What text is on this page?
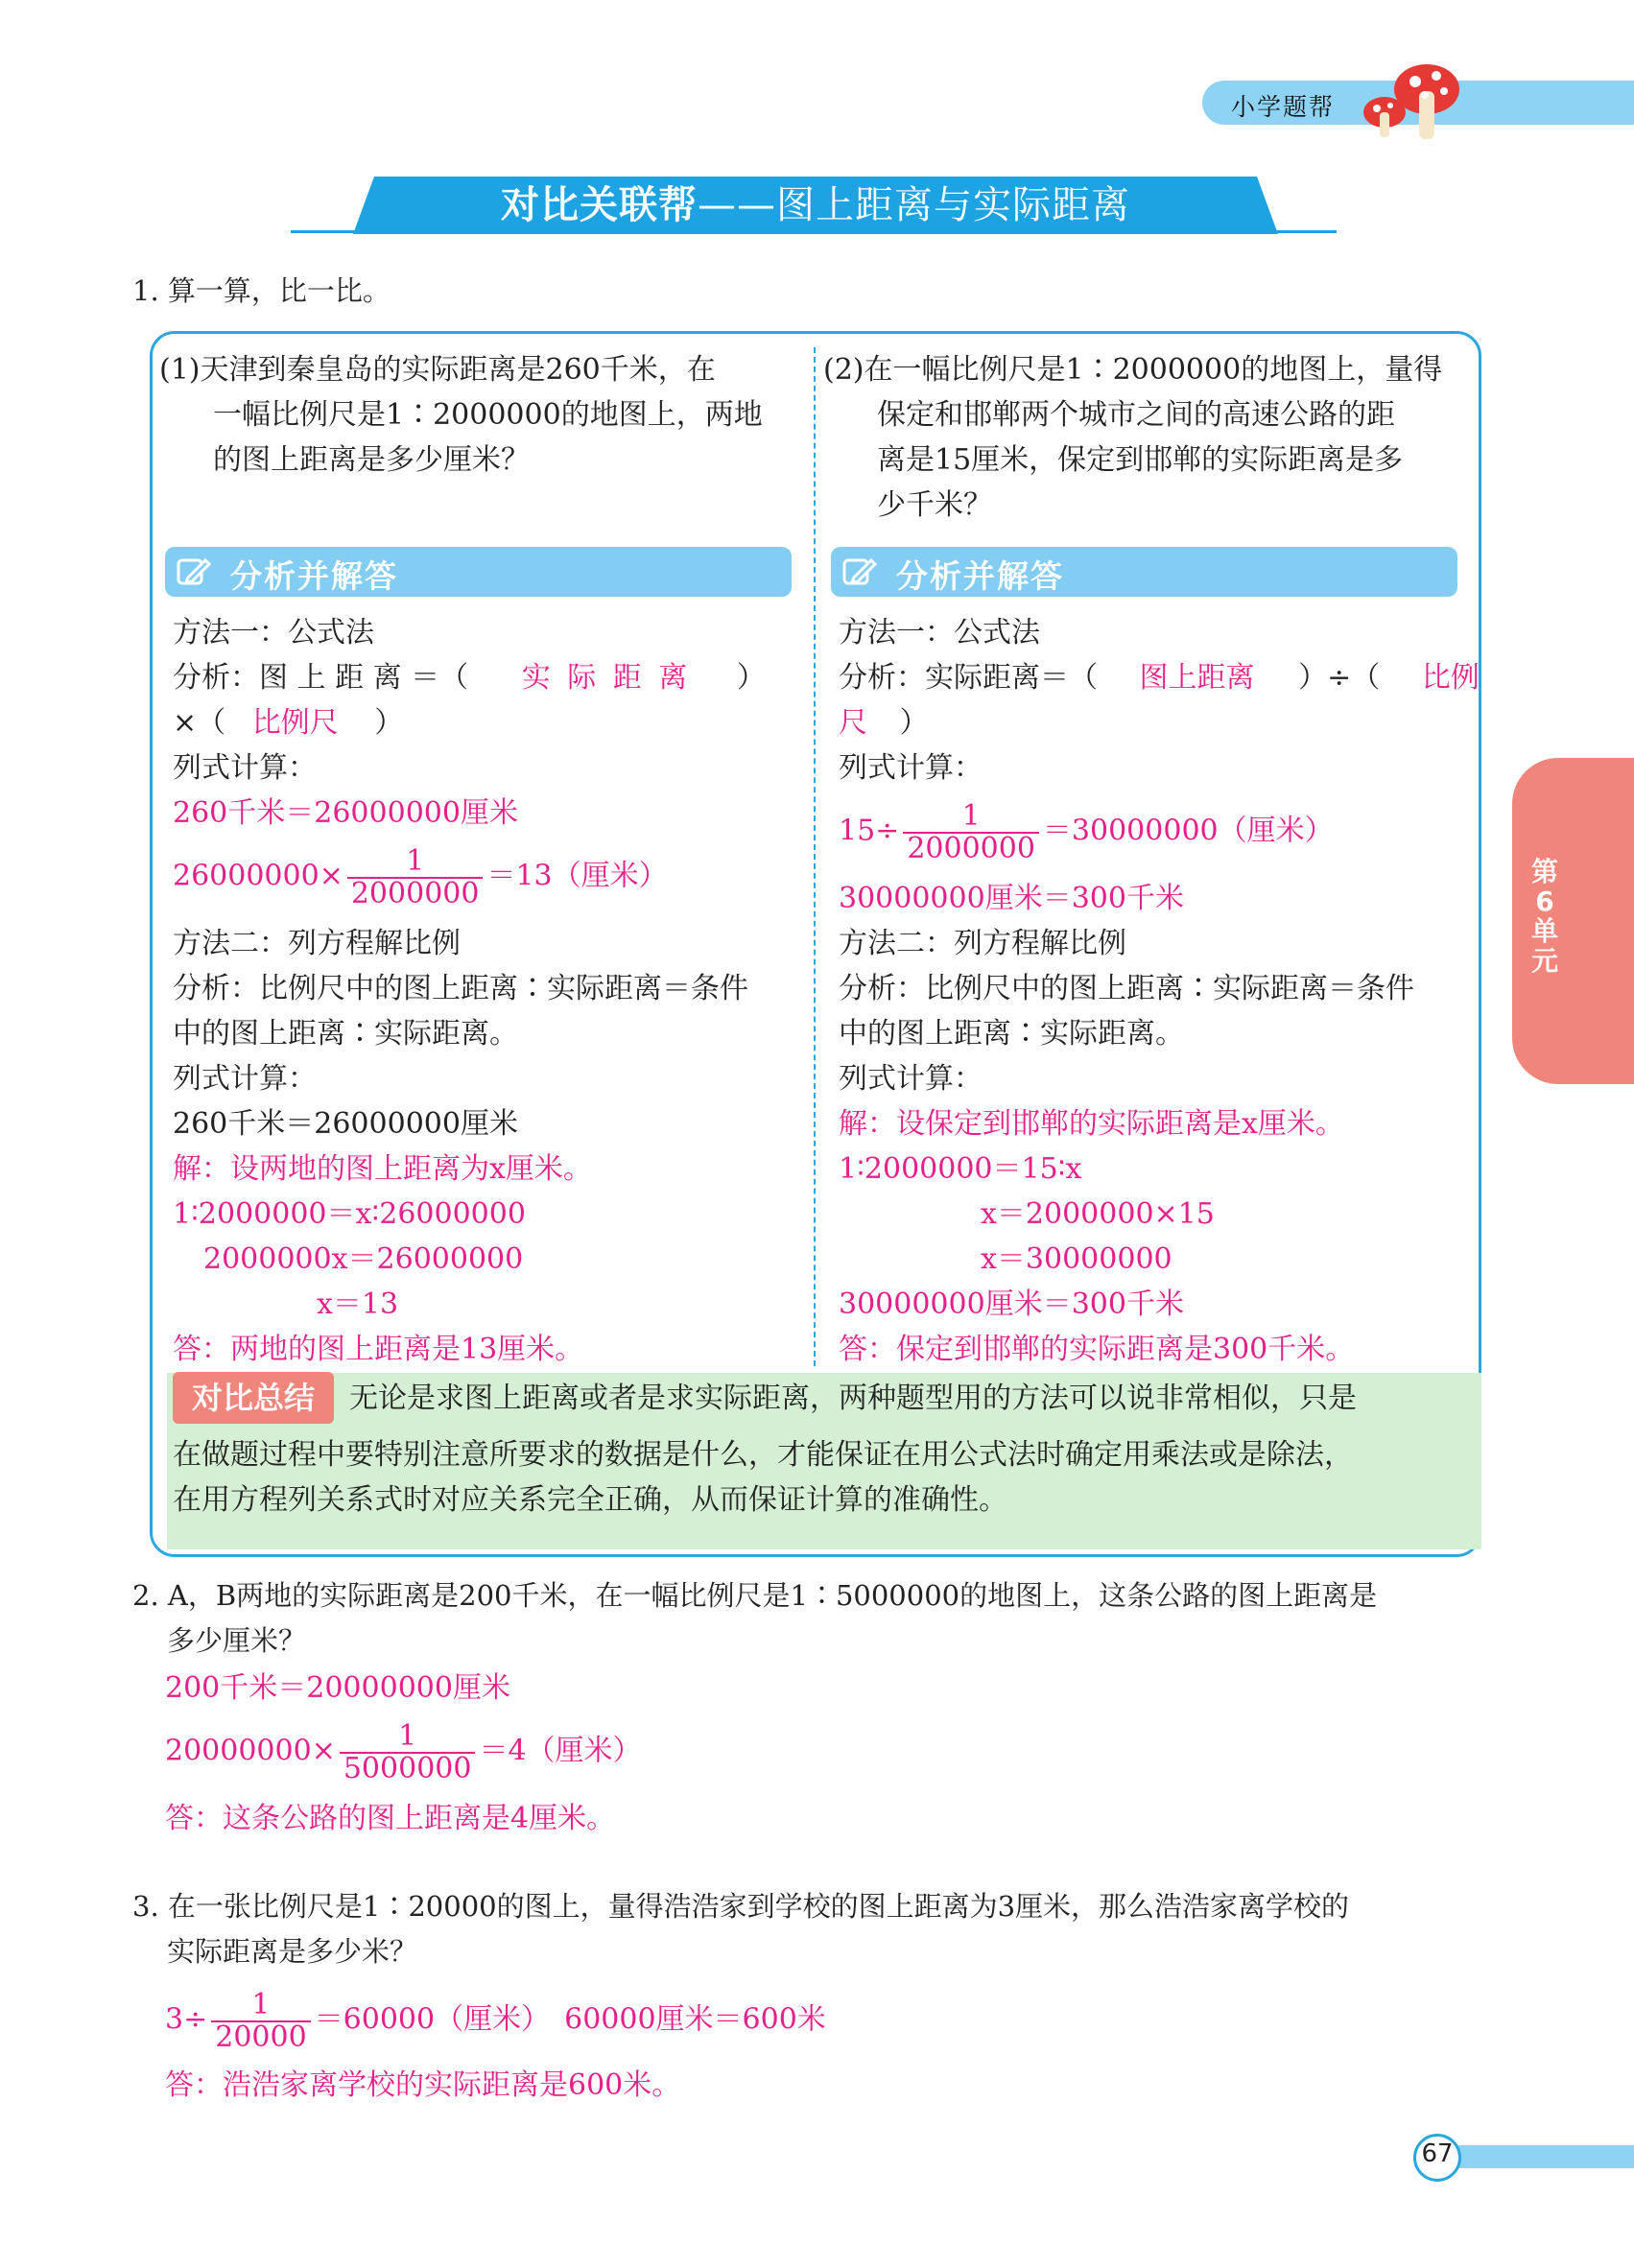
小学题帮
对比关联帮——图上距离与实际距离
1. 算一算，比一比。
(1)天津到秦皇岛的实际距离是260千米，在
一幅比例尺是1∶2000000的地图上，两地
的图上距离是多少厘米？
分析并解答
方法一：公式法
分析：图 上 距 离 ＝（ 实 际 距 离 ）
×（ 比例尺 ）
列式计算：
260千米＝26000000厘米
$26000000\times \frac{1}{2000000} =13$（厘米）
方法二：列方程解比例
分析：比例尺中的图上距离∶实际距离＝条件
中的图上距离∶实际距离。
列式计算：
260千米＝26000000厘米
解：设两地的图上距离为x厘米。
1∶2000000＝x∶26000000
2000000x＝26000000
x＝13
答：两地的图上距离是13厘米。
(2)在一幅比例尺是1∶2000000的地图上，量得
保定和邯郸两个城市之间的高速公路的距
离是15厘米，保定到邯郸的实际距离是多
少千米？
分析并解答
方法一：公式法
分析：实际距离＝（ 图上距离 ）÷（ 比例
尺 ）
列式计算：
$15\div \frac{1}{2000000} =30000000$（厘米）
30000000厘米＝300千米
方法二：列方程解比例
分析：比例尺中的图上距离∶实际距离＝条件
中的图上距离∶实际距离。
列式计算：
解：设保定到邯郸的实际距离是x厘米。
1∶2000000＝15∶x
x＝2000000×15
x＝30000000
30000000厘米＝300千米
答：保定到邯郸的实际距离是300千米。
对比总结	无论是求图上距离或者是求实际距离，两种题型用的方法可以说非常相似，只是
在做题过程中要特别注意所要求的数据是什么，才能保证在用公式法时确定用乘法或是除法，
在用方程列关系式时对应关系完全正确，从而保证计算的准确性。
2. A，B两地的实际距离是200千米，在一幅比例尺是1∶5000000的地图上，这条公路的图上距离是
多少厘米？
200千米＝20000000厘米
$20000000\times \frac{1}{5000000} =4$（厘米）
答：这条公路的图上距离是4厘米。
3. 在一张比例尺是1∶20000的图上，量得浩浩家到学校的图上距离为3厘米，那么浩浩家离学校的
实际距离是多少米？
$3\div \frac{1}{20000} =60000$（厘米）　60000厘米＝600米
答：浩浩家离学校的实际距离是600米。
第
6
单
元
67
